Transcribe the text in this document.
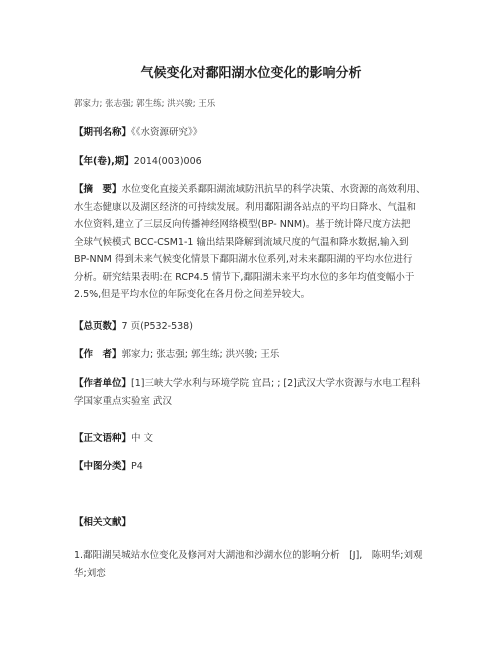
气候变化对鄱阳湖水位变化的影响分析
郭家力; 张志强; 郭生练; 洪兴骏; 王乐
【期刊名称】《《水资源研究》》
【年(卷),期】2014(003)006
【摘　要】水位变化直接关系鄱阳湖流域防汛抗旱的科学决策、水资源的高效利用、
水生态健康以及湖区经济的可持续发展。利用鄱阳湖各站点的平均日降水、气温和
水位资料,建立了三层反向传播神经网络模型(BP- NNM)。基于统计降尺度方法把
全球气候模式 BCC-CSM1-1 输出结果降解到流域尺度的气温和降水数据,输入到
BP-NNM 得到未来气候变化情景下鄱阳湖水位系列,对未来鄱阳湖的平均水位进行
分析。研究结果表明:在 RCP4.5 情节下,鄱阳湖未来平均水位的多年均值变幅小于
2.5%,但是平均水位的年际变化在各月份之间差异较大。
【总页数】7 页(P532-538)
【作　者】郭家力; 张志强; 郭生练; 洪兴骏; 王乐
【作者单位】[1]三峡大学水利与环境学院 宜昌; ; [2]武汉大学水资源与水电工程科
学国家重点实验室 武汉
【正文语种】中 文
【中图分类】P4
【相关文献】
1.鄱阳湖吴城站水位变化及修河对大湖池和沙湖水位的影响分析　[J],　陈明华;刘观
华;刘恋
